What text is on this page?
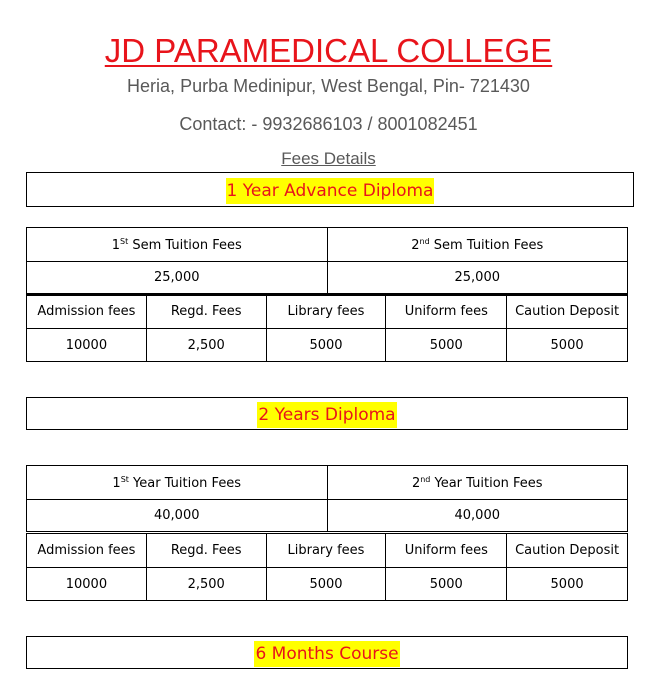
JD PARAMEDICAL COLLEGE
Heria, Purba Medinipur, West Bengal, Pin- 721430
Contact: - 9932686103 / 8001082451
Fees Details
1 Year Advance Diploma
1St Sem Tuition Fees	2nd Sem Tuition Fees
25,000	25,000
Admission fees	Regd. Fees	Library fees	Uniform fees	Caution Deposit
10000	2,500	5000	5000	5000
2 Years Diploma
1St Year Tuition Fees	2nd Year Tuition Fees
40,000	40,000
Admission fees	Regd. Fees	Library fees	Uniform fees	Caution Deposit
10000	2,500	5000	5000	5000
6 Months Course
